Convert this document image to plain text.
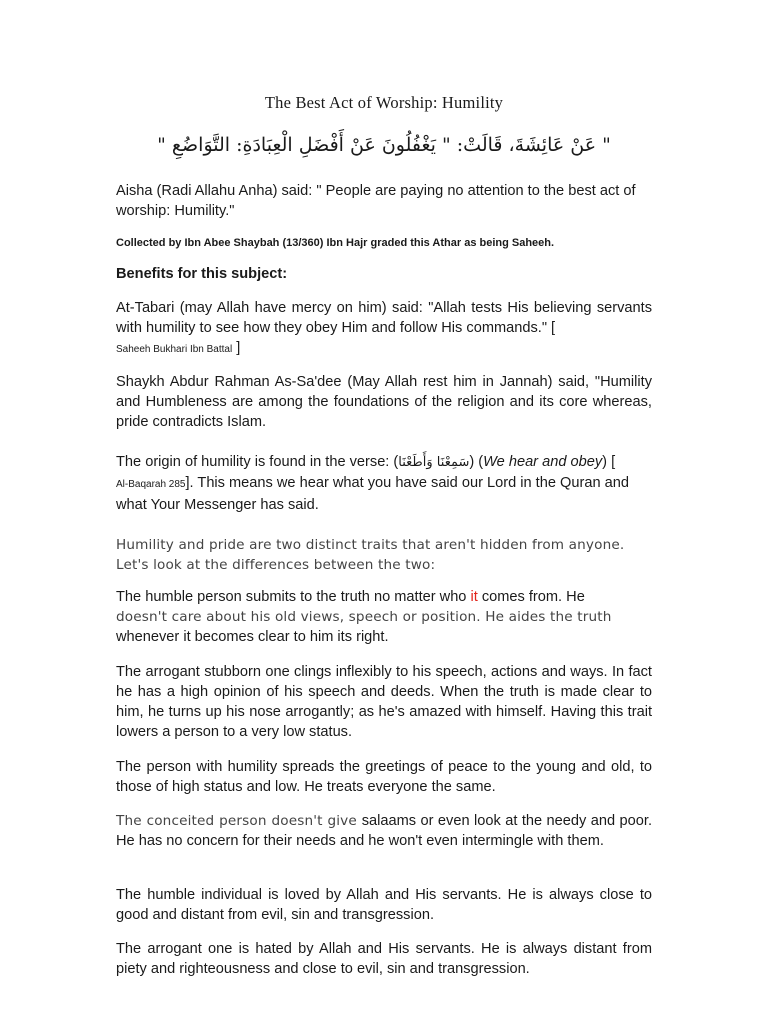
The Best Act of Worship: Humility
" عَنْ عَائِشَةَ، قَالَتْ: " يَغْفُلُونَ عَنْ أَفْضَلِ الْعِبَادَةِ: التَّوَاضُعِ "

Aisha (Radi Allahu Anha) said: " People are paying no attention to the best act of worship: Humility."

Collected by Ibn Abee Shaybah (13/360) Ibn Hajr graded this Athar as being Saheeh.

Benefits for this subject:

At-Tabari (may Allah have mercy on him) said: "Allah tests His believing servants with humility to see how they obey Him and follow His commands." [
Saheeh Bukhari Ibn Battal ]

Shaykh Abdur Rahman As-Sa'dee (May Allah rest him in Jannah) said, "Humility and Humbleness are among the foundations of the religion and its core whereas, pride contradicts Islam.

The origin of humility is found in the verse: (سَمِعْنَا وَأَطَعْنَا) (We hear and obey) [
Al-Baqarah 285]. This means we hear what you have said our Lord in the Quran and what Your Messenger has said.

Humility and pride are two distinct traits that aren't hidden from anyone. Let's look at the differences between the two:

The humble person submits to the truth no matter who it comes from. He
doesn't care about his old views, speech or position. He aides the truth
whenever it becomes clear to him its right.

The arrogant stubborn one clings inflexibly to his speech, actions and ways. In fact he has a high opinion of his speech and deeds. When the truth is made clear to him, he turns up his nose arrogantly; as he's amazed with himself. Having this trait lowers a person to a very low status.

The person with humility spreads the greetings of peace to the young and old, to those of high status and low. He treats everyone the same.

The conceited person doesn't give salaams or even look at the needy and poor. He has no concern for their needs and he won't even intermingle with them.

The humble individual is loved by Allah and His servants. He is always close to good and distant from evil, sin and transgression.

The arrogant one is hated by Allah and His servants. He is always distant from piety and righteousness and close to evil, sin and transgression.
